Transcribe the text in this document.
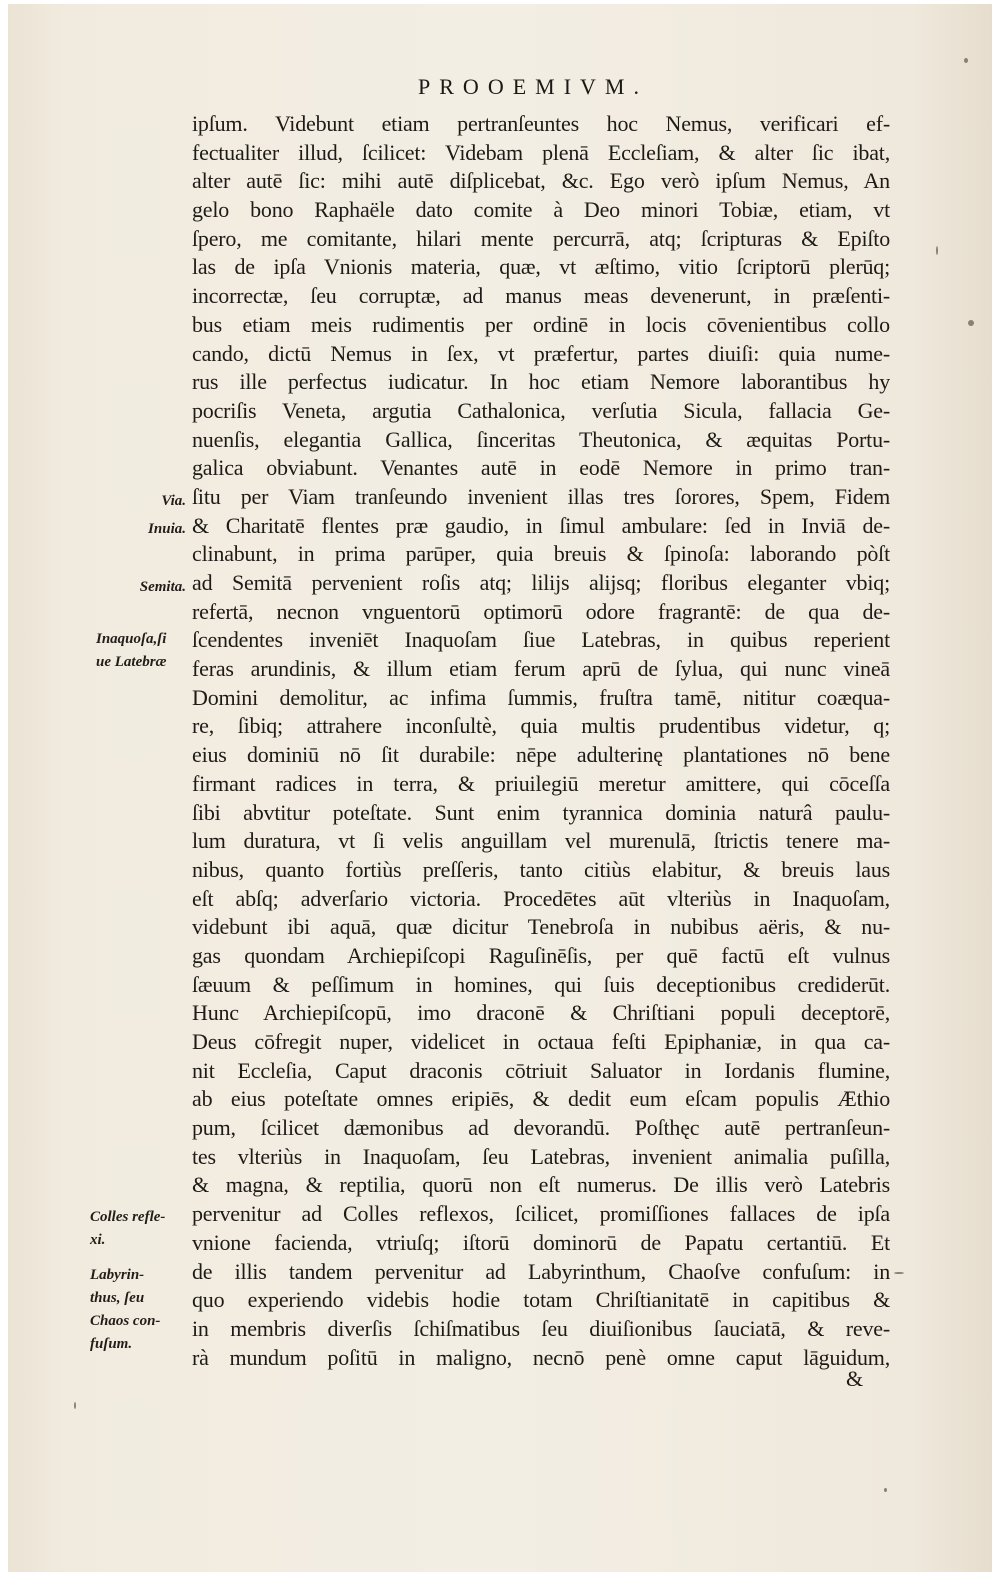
PROOEMIVM.
Via.
Inuia.
Semita.
Inaquoſa,ſi
ue Latebræ
Colles refle-
xi.
Labyrin-
thus, ſeu
Chaos con-
fuſum.
ipſum. Videbunt etiam pertranſeuntes hoc Nemus, verificari ef-
fectualiter illud, ſcilicet: Videbam plenā Eccleſiam, & alter ſic ibat,
alter autē ſic: mihi autē diſplicebat, &c. Ego verò ipſum Nemus, An
gelo bono Raphaële dato comite à Deo minori Tobiæ, etiam, vt
ſpero, me comitante, hilari mente percurrā, atq; ſcripturas & Epiſto
las de ipſa Vnionis materia, quæ, vt æſtimo, vitio ſcriptorū plerūq;
incorrectæ, ſeu corruptæ, ad manus meas devenerunt, in præſenti-
bus etiam meis rudimentis per ordinē in locis cōvenientibus collo
cando, dictū Nemus in ſex, vt præfertur, partes diuiſi: quia nume-
rus ille perfectus iudicatur. In hoc etiam Nemore laborantibus hy
pocriſis Veneta, argutia Cathalonica, verſutia Sicula, fallacia Ge-
nuenſis, elegantia Gallica, ſinceritas Theutonica, & æquitas Portu-
galica obviabunt. Venantes autē in eodē Nemore in primo tran-
ſitu per Viam tranſeundo invenient illas tres ſorores, Spem, Fidem
& Charitatē flentes præ gaudio, in ſimul ambulare: ſed in Inviā de-
clinabunt, in prima parūper, quia breuis & ſpinoſa: laborando pòſt
ad Semitā pervenient roſis atq; lilijs alijsq; floribus eleganter vbiq;
refertā, necnon vnguentorū optimorū odore fragrantē: de qua de-
ſcendentes inveniēt Inaquoſam ſiue Latebras, in quibus reperient
feras arundinis, & illum etiam ferum aprū de ſylua, qui nunc vineā
Domini demolitur, ac infima ſummis, fruſtra tamē, nititur coæqua-
re, ſibiq; attrahere inconſultè, quia multis prudentibus videtur, q;
eius dominiū nō ſit durabile: nēpe adulterinę plantationes nō bene
firmant radices in terra, & priuilegiū meretur amittere, qui cōceſſa
ſibi abvtitur poteſtate. Sunt enim tyrannica dominia naturâ paulu-
lum duratura, vt ſi velis anguillam vel murenulā, ſtrictis tenere ma-
nibus, quanto fortiùs preſſeris, tanto citiùs elabitur, & breuis laus
eſt abſq; adverſario victoria. Procedētes aūt vlteriùs in Inaquoſam,
videbunt ibi aquā, quæ dicitur Tenebroſa in nubibus aëris, & nu-
gas quondam Archiepiſcopi Raguſinēſis, per quē factū eſt vulnus
ſæuum & peſſimum in homines, qui ſuis deceptionibus crediderūt.
Hunc Archiepiſcopū, imo draconē & Chriſtiani populi deceptorē,
Deus cōfregit nuper, videlicet in octaua feſti Epiphaniæ, in qua ca-
nit Eccleſia, Caput draconis cōtriuit Saluator in Iordanis flumine,
ab eius poteſtate omnes eripiēs, & dedit eum eſcam populis Æthio
pum, ſcilicet dæmonibus ad devorandū. Poſthęc autē pertranſeun-
tes vlteriùs in Inaquoſam, ſeu Latebras, invenient animalia puſilla,
& magna, & reptilia, quorū non eſt numerus. De illis verò Latebris
pervenitur ad Colles reflexos, ſcilicet, promiſſiones fallaces de ipſa
vnione facienda, vtriuſq; iſtorū dominorū de Papatu certantiū. Et
de illis tandem pervenitur ad Labyrinthum, Chaoſve confuſum: in
quo experiendo videbis hodie totam Chriſtianitatē in capitibus &
in membris diverſis ſchiſmatibus ſeu diuiſionibus ſauciatā, & reve-
rà mundum poſitū in maligno, necnō penè omne caput lāguidum,
&
